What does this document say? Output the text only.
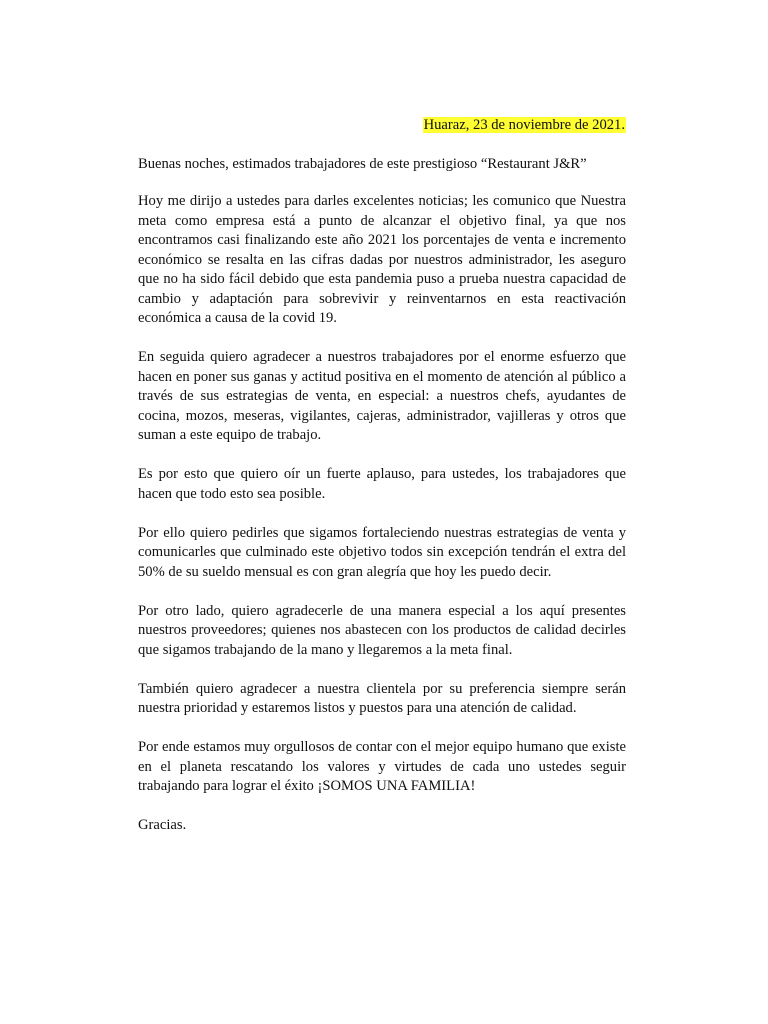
Huaraz, 23 de noviembre de 2021.
Buenas noches, estimados trabajadores de este prestigioso “Restaurant J&R”

Hoy me dirijo a ustedes para darles excelentes noticias; les comunico que Nuestra meta como empresa está a punto de alcanzar el objetivo final, ya que nos encontramos casi finalizando este año 2021 los porcentajes de venta e incremento económico se resalta en las cifras dadas por nuestros administrador, les aseguro que no ha sido fácil debido que esta pandemia puso a prueba nuestra capacidad de cambio y adaptación para sobrevivir y reinventarnos en esta reactivación económica a causa de la covid 19.

En seguida quiero agradecer a nuestros trabajadores por el enorme esfuerzo que hacen en poner sus ganas y actitud positiva en el momento de atención al público a través de sus estrategias de venta, en especial: a nuestros chefs, ayudantes de cocina, mozos, meseras, vigilantes, cajeras, administrador, vajilleras y otros que suman a este equipo de trabajo.

Es por esto que quiero oír un fuerte aplauso, para ustedes, los trabajadores que hacen que todo esto sea posible.

Por ello quiero pedirles que sigamos fortaleciendo nuestras estrategias de venta y comunicarles que culminado este objetivo todos sin excepción tendrán el extra del 50% de su sueldo mensual es con gran alegría que hoy les puedo decir.

Por otro lado, quiero agradecerle de una manera especial a los aquí presentes nuestros proveedores; quienes nos abastecen con los productos de calidad decirles que sigamos trabajando de la mano y llegaremos a la meta final.

También quiero agradecer a nuestra clientela por su preferencia siempre serán nuestra prioridad y estaremos listos y puestos para una atención de calidad.

Por ende estamos muy orgullosos de contar con el mejor equipo humano que existe en el planeta rescatando los valores y virtudes de cada uno ustedes seguir trabajando para lograr el éxito ¡SOMOS UNA FAMILIA!

Gracias.
